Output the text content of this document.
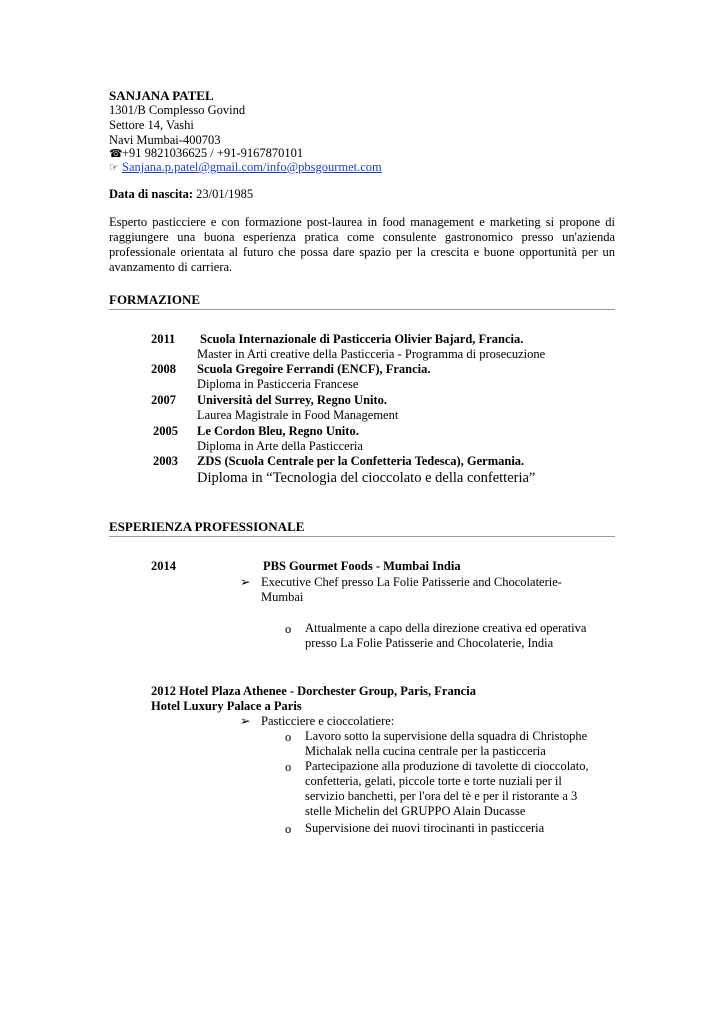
SANJANA PATEL
1301/B Complesso Govind
Settore 14, Vashi
Navi Mumbai-400703
☎+91 9821036625 / +91-9167870101
☞ Sanjana.p.patel@gmail.com/info@pbsgourmet.com
Data di nascita: 23/01/1985
Esperto pasticciere e con formazione post-laurea in food management e marketing si propone di raggiungere una buona esperienza pratica come consulente gastronomico presso un'azienda professionale orientata al futuro che possa dare spazio per la crescita e buone opportunità per un avanzamento di carriera.
FORMAZIONE
2011 Scuola Internazionale di Pasticceria Olivier Bajard, Francia.
Master in Arti creative della Pasticceria - Programma di prosecuzione
2008 Scuola Gregoire Ferrandi (ENCF), Francia.
Diploma in Pasticceria Francese
2007 Università del Surrey, Regno Unito.
Laurea Magistrale in Food Management
2005 Le Cordon Bleu, Regno Unito.
Diploma in Arte della Pasticceria
2003 ZDS (Scuola Centrale per la Confetteria Tedesca), Germania.
Diploma in “Tecnologia del cioccolato e della confetteria”
ESPERIENZA PROFESSIONALE
2014	PBS Gourmet Foods - Mumbai India
➢ Executive Chef presso La Folie Patisserie and Chocolaterie-
Mumbai
o Attualmente a capo della direzione creativa ed operativa
presso La Folie Patisserie and Chocolaterie, India
2012 Hotel Plaza Athenee - Dorchester Group, Paris, Francia
Hotel Luxury Palace a Paris
➢ Pasticciere e cioccolatiere:
o Lavoro sotto la supervisione della squadra di Christophe
Michalak nella cucina centrale per la pasticceria
o Partecipazione alla produzione di tavolette di cioccolato,
confetteria, gelati, piccole torte e torte nuziali per il
servizio banchetti, per l'ora del tè e per il ristorante a 3
stelle Michelin del GRUPPO Alain Ducasse
o Supervisione dei nuovi tirocinanti in pasticceria
